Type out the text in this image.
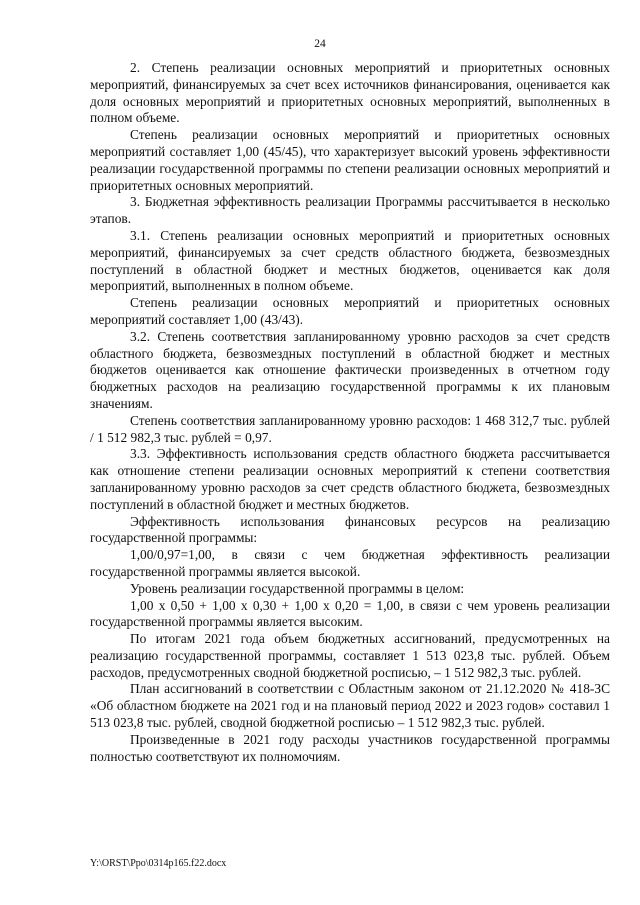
24

2. Степень реализации основных мероприятий и приоритетных основных мероприятий, финансируемых за счет всех источников финансирования, оценивается как доля основных мероприятий и приоритетных основных мероприятий, выполненных в полном объеме.

Степень реализации основных мероприятий и приоритетных основных мероприятий составляет 1,00 (45/45), что характеризует высокий уровень эффективности реализации государственной программы по степени реализации основных мероприятий и приоритетных основных мероприятий.

3. Бюджетная эффективность реализации Программы рассчитывается в несколько этапов.

3.1. Степень реализации основных мероприятий и приоритетных основных мероприятий, финансируемых за счет средств областного бюджета, безвозмездных поступлений в областной бюджет и местных бюджетов, оценивается как доля мероприятий, выполненных в полном объеме.

Степень реализации основных мероприятий и приоритетных основных мероприятий составляет 1,00 (43/43).

3.2. Степень соответствия запланированному уровню расходов за счет средств областного бюджета, безвозмездных поступлений в областной бюджет и местных бюджетов оценивается как отношение фактически произведенных в отчетном году бюджетных расходов на реализацию государственной программы к их плановым значениям.

Степень соответствия запланированному уровню расходов: 1 468 312,7 тыс. рублей / 1 512 982,3 тыс. рублей = 0,97.

3.3. Эффективность использования средств областного бюджета рассчитывается как отношение степени реализации основных мероприятий к степени соответствия запланированному уровню расходов за счет средств областного бюджета, безвозмездных поступлений в областной бюджет и местных бюджетов.

Эффективность использования финансовых ресурсов на реализацию государственной программы:

1,00/0,97=1,00, в связи с чем бюджетная эффективность реализации государственной программы является высокой.

Уровень реализации государственной программы в целом:

1,00 х 0,50 + 1,00 х 0,30 + 1,00 х 0,20 = 1,00, в связи с чем уровень реализации государственной программы является высоким.

По итогам 2021 года объем бюджетных ассигнований, предусмотренных на реализацию государственной программы, составляет 1 513 023,8 тыс. рублей. Объем расходов, предусмотренных сводной бюджетной росписью, – 1 512 982,3 тыс. рублей.

План ассигнований в соответствии с Областным законом от 21.12.2020 № 418-ЗС «Об областном бюджете на 2021 год и на плановый период 2022 и 2023 годов» составил 1 513 023,8 тыс. рублей, сводной бюджетной росписью – 1 512 982,3 тыс. рублей.

Произведенные в 2021 году расходы участников государственной программы полностью соответствуют их полномочиям.

Y:\ORST\Ppo\0314p165.f22.docx
